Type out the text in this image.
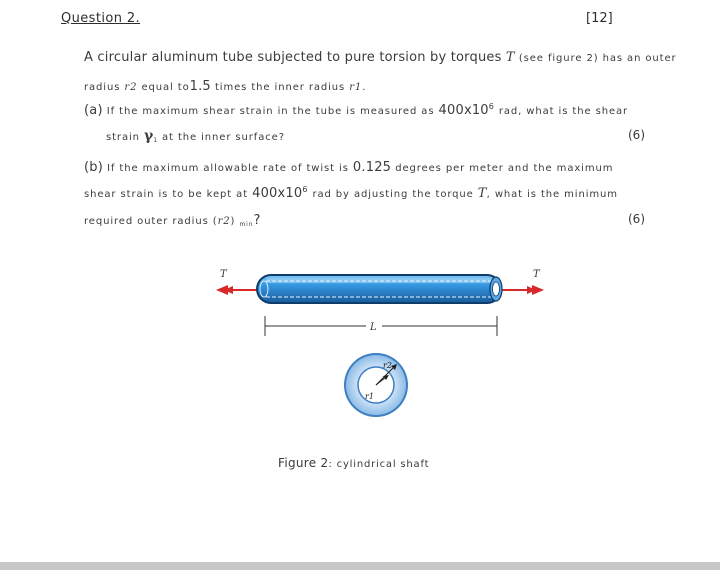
Question 2.	[12]
A circular aluminum tube subjected to pure torsion by torques T (see figure 2) has an outer
radius r2 equal to1.5 times the inner radius r1.
(a) If the maximum shear strain in the tube is measured as $400x10^6$ rad, what is the shear
strain $\gamma_1$ at the inner surface?	(6)
(b) If the maximum allowable rate of twist is 0.125 degrees per meter and the maximum
shear strain is to be kept at $400x10^6$ rad by adjusting the torque T, what is the minimum
required outer radius (r2) $_{min}$?	(6)
T	T
L
r2
r1
Figure 2: cylindrical shaft
